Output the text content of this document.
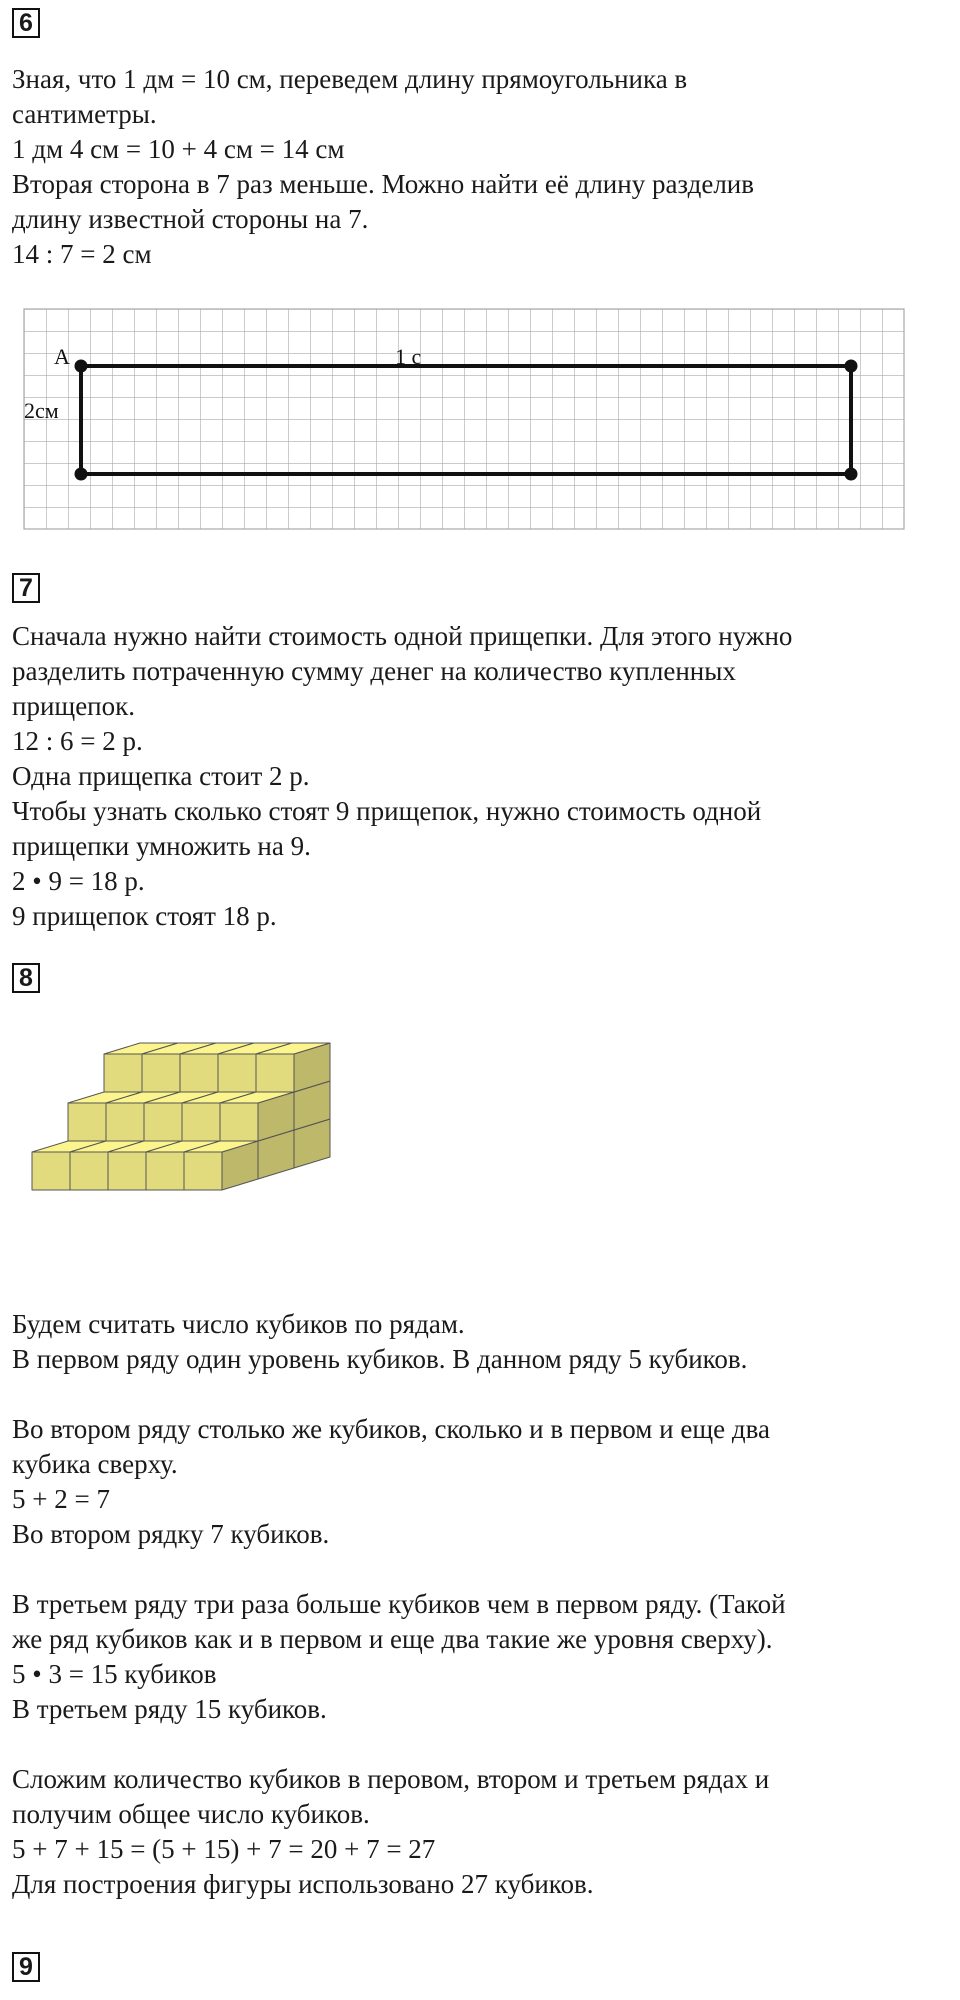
6
Зная, что 1 дм = 10 см, переведем длину прямоугольника в
сантиметры.
1 дм 4 см = 10 + 4 см = 14 см
Вторая сторона в 7 раз меньше. Можно найти её длину разделив
длину известной стороны на 7.
14 : 7 = 2 см
A	1 с
2см
7
Сначала нужно найти стоимость одной прищепки. Для этого нужно
разделить потраченную сумму денег на количество купленных
прищепок.
12 : 6 = 2 р.
Одна прищепка стоит 2 р.
Чтобы узнать сколько стоят 9 прищепок, нужно стоимость одной
прищепки умножить на 9.
2 • 9 = 18 р.
9 прищепок стоят 18 р.
8
Будем считать число кубиков по рядам.
В первом ряду один уровень кубиков. В данном ряду 5 кубиков.
Во втором ряду столько же кубиков, сколько и в первом и еще два
кубика сверху.
5 + 2 = 7
Во втором рядку 7 кубиков.
В третьем ряду три раза больше кубиков чем в первом ряду. (Такой
же ряд кубиков как и в первом и еще два такие же уровня сверху).
5 • 3 = 15 кубиков
В третьем ряду 15 кубиков.
Сложим количество кубиков в перовом, втором и третьем рядах и
получим общее число кубиков.
5 + 7 + 15 = (5 + 15) + 7 = 20 + 7 = 27
Для построения фигуры использовано 27 кубиков.
9
